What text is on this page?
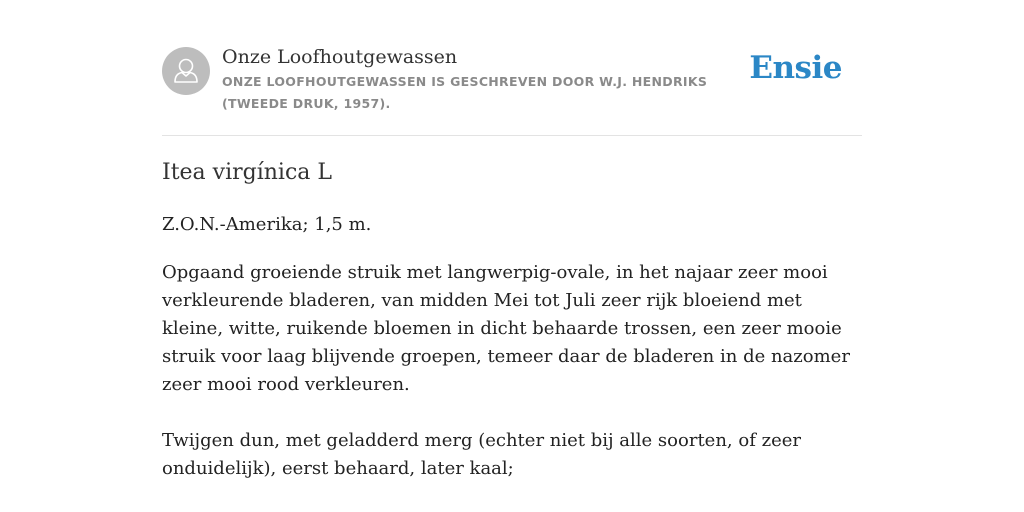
Onze Loofhoutgewassen
ONZE LOOFHOUTGEWASSEN IS GESCHREVEN DOOR W.J. HENDRIKS (TWEEDE DRUK, 1957).
Ensie
Itea virgínica L
Z.O.N.-Amerika; 1,5 m.

Opgaand groeiende struik met langwerpig-ovale, in het najaar zeer mooi verkleurende bladeren, van midden Mei tot Juli zeer rijk bloeiend met kleine, witte, ruikende bloemen in dicht behaarde trossen, een zeer mooie struik voor laag blijvende groepen, temeer daar de bladeren in de nazomer zeer mooi rood verkleuren.

Twijgen dun, met geladderd merg (echter niet bij alle soorten, of zeer onduidelijk), eerst behaard, later kaal;
